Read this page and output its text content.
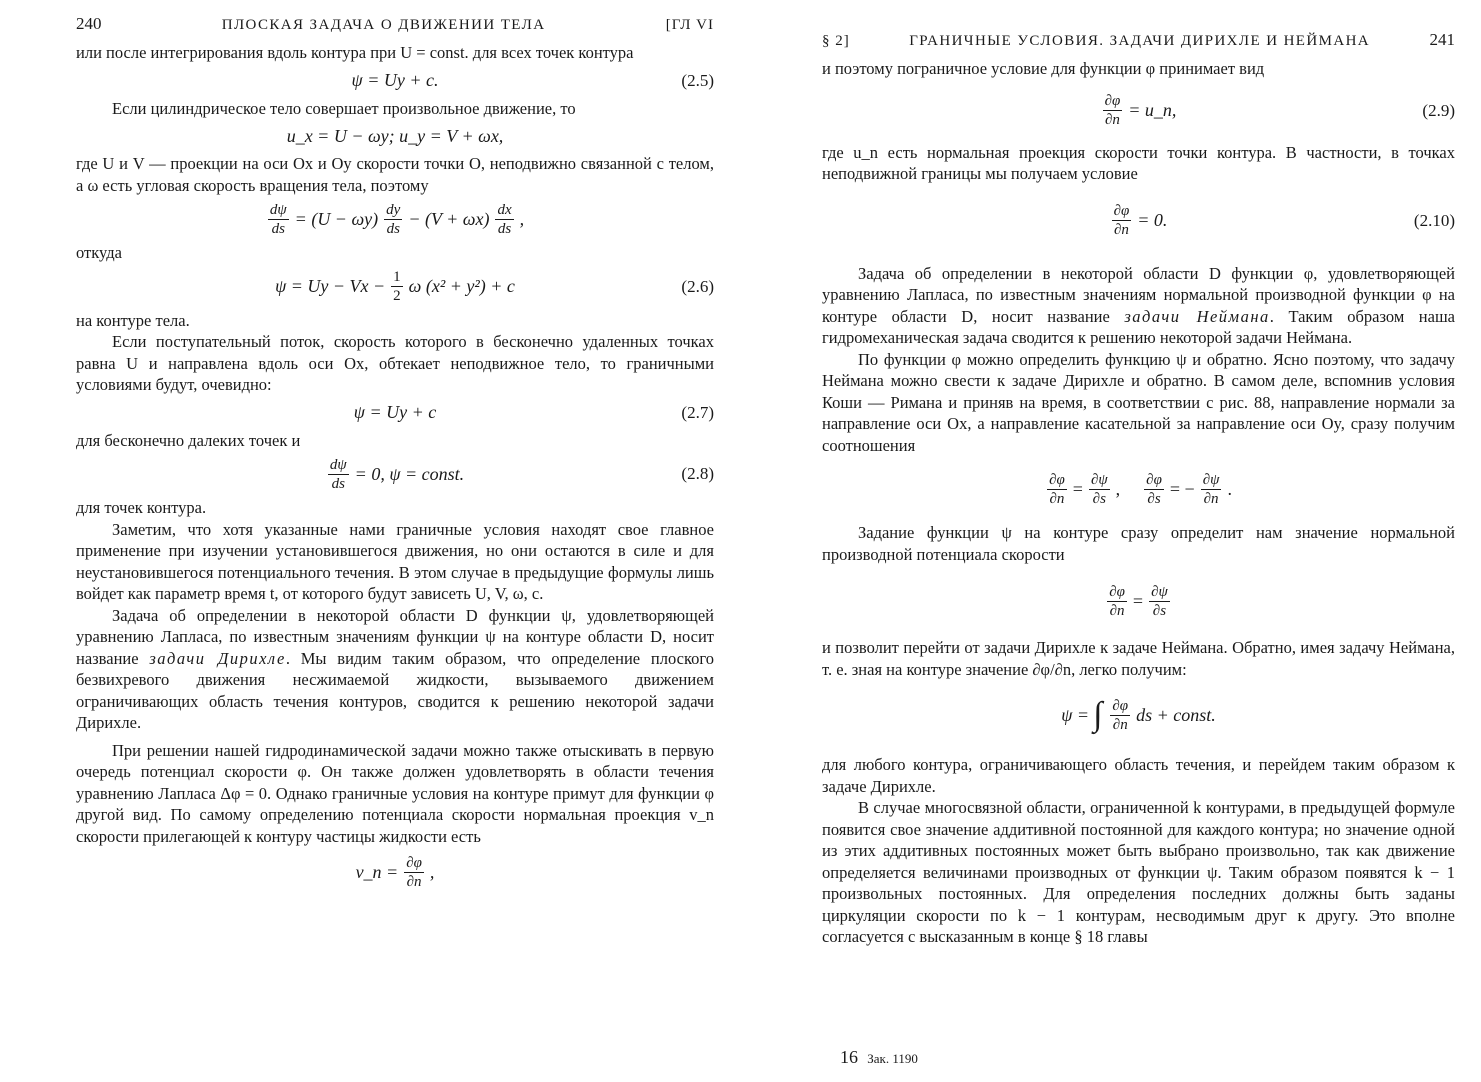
240	ПЛОСКАЯ ЗАДАЧА О ДВИЖЕНИИ ТЕЛА	[ГЛ VI

или после интегрирования вдоль контура при U = const. для всех точек контура

ψ = Uy + c.	(2.5)

Если цилиндрическое тело совершает произвольное движение, то

u_x = U − ωy; u_y = V + ωx,

где U и V — проекции на оси Ox и Oy скорости точки O, неподвижно связанной с телом, а ω есть угловая скорость вращения тела, поэтому

$\frac{d\psi}{ds} = (U - \omega y) \frac{dy}{ds} - (V + \omega x) \frac{dx}{ds}$ ,

откуда

$\psi = Uy - Vx - \frac{1}{2}$ ω (x² + y²) + c	(2.6)

на контуре тела.

Если поступательный поток, скорость которого в бесконечно удаленных точках равна U и направлена вдоль оси Ox, обтекает неподвижное тело, то граничными условиями будут, очевидно:

ψ = Uy + c	(2.7)

для бесконечно далеких точек и

$\frac{d\psi}{ds} = 0$, ψ = const.	(2.8)

для точек контура.

Заметим, что хотя указанные нами граничные условия находят свое главное применение при изучении установившегося движения, но они остаются в силе и для неустановившегося потенциального течения. В этом случае в предыдущие формулы лишь войдет как параметр время t, от которого будут зависеть U, V, ω, c.

Задача об определении в некоторой области D функции ψ, удовлетворяющей уравнению Лапласа, по известным значениям функции ψ на контуре области D, носит название задачи Дирихле. Мы видим таким образом, что определение плоского безвихревого движения несжимаемой жидкости, вызываемого движением ограничивающих область течения контуров, сводится к решению некоторой задачи Дирихле.

При решении нашей гидродинамической задачи можно также отыскивать в первую очередь потенциал скорости φ. Он также должен удовлетворять в области течения уравнению Лапласа Δφ = 0. Однако граничные условия на контуре примут для функции φ другой вид. По самому определению потенциала скорости нормальная проекция v_n скорости прилегающей к контуру частицы жидкости есть

v_n = $\frac{\partial\varphi}{\partial n}$ ,
§ 2]	ГРАНИЧНЫЕ УСЛОВИЯ. ЗАДАЧИ ДИРИХЛЕ И НЕЙМАНА	241

и поэтому пограничное условие для функции φ принимает вид

$\frac{\partial\varphi}{\partial n}$ = u_n,	(2.9)

где u_n есть нормальная проекция скорости точки контура. В частности, в точках неподвижной границы мы получаем условие

$\frac{\partial\varphi}{\partial n} = 0$.	(2.10)

Задача об определении в некоторой области D функции φ, удовлетворяющей уравнению Лапласа, по известным значениям нормальной производной функции φ на контуре области D, носит название задачи Неймана. Таким образом наша гидромеханическая задача сводится к решению некоторой задачи Неймана.

По функции φ можно определить функцию ψ и обратно. Ясно поэтому, что задачу Неймана можно свести к задаче Дирихле и обратно. В самом деле, вспомнив условия Коши — Римана и приняв на время, в соответствии с рис. 88, направление нормали за направление оси Ox, а направление касательной за направление оси Oy, сразу получим соотношения

$\frac{\partial\varphi}{\partial n} = \frac{\partial\psi}{\partial s}$ , $\frac{\partial\varphi}{\partial s}$ = − $\frac{\partial\psi}{\partial n}$ .

Задание функции ψ на контуре сразу определит нам значение нормальной производной потенциала скорости

$\frac{\partial\varphi}{\partial n} = \frac{\partial\psi}{\partial s}$

и позволит перейти от задачи Дирихле к задаче Неймана. Обратно, имея задачу Неймана, т. е. зная на контуре значение ∂φ/∂n, легко получим:

ψ = ∫ $\frac{\partial\varphi}{\partial n}$ ds + const.

для любого контура, ограничивающего область течения, и перейдем таким образом к задаче Дирихле.

В случае многосвязной области, ограниченной k контурами, в предыдущей формуле появится свое значение аддитивной постоянной для каждого контура; но значение одной из этих аддитивных постоянных может быть выбрано произвольно, так как движение определяется величинами производных от функции ψ. Таким образом появятся k − 1 произвольных постоянных. Для определения последних должны быть заданы циркуляции скорости по k − 1 контурам, несводимым друг к другу. Это вполне согласуется с высказанным в конце § 18 главы

16 Зак. 1190
